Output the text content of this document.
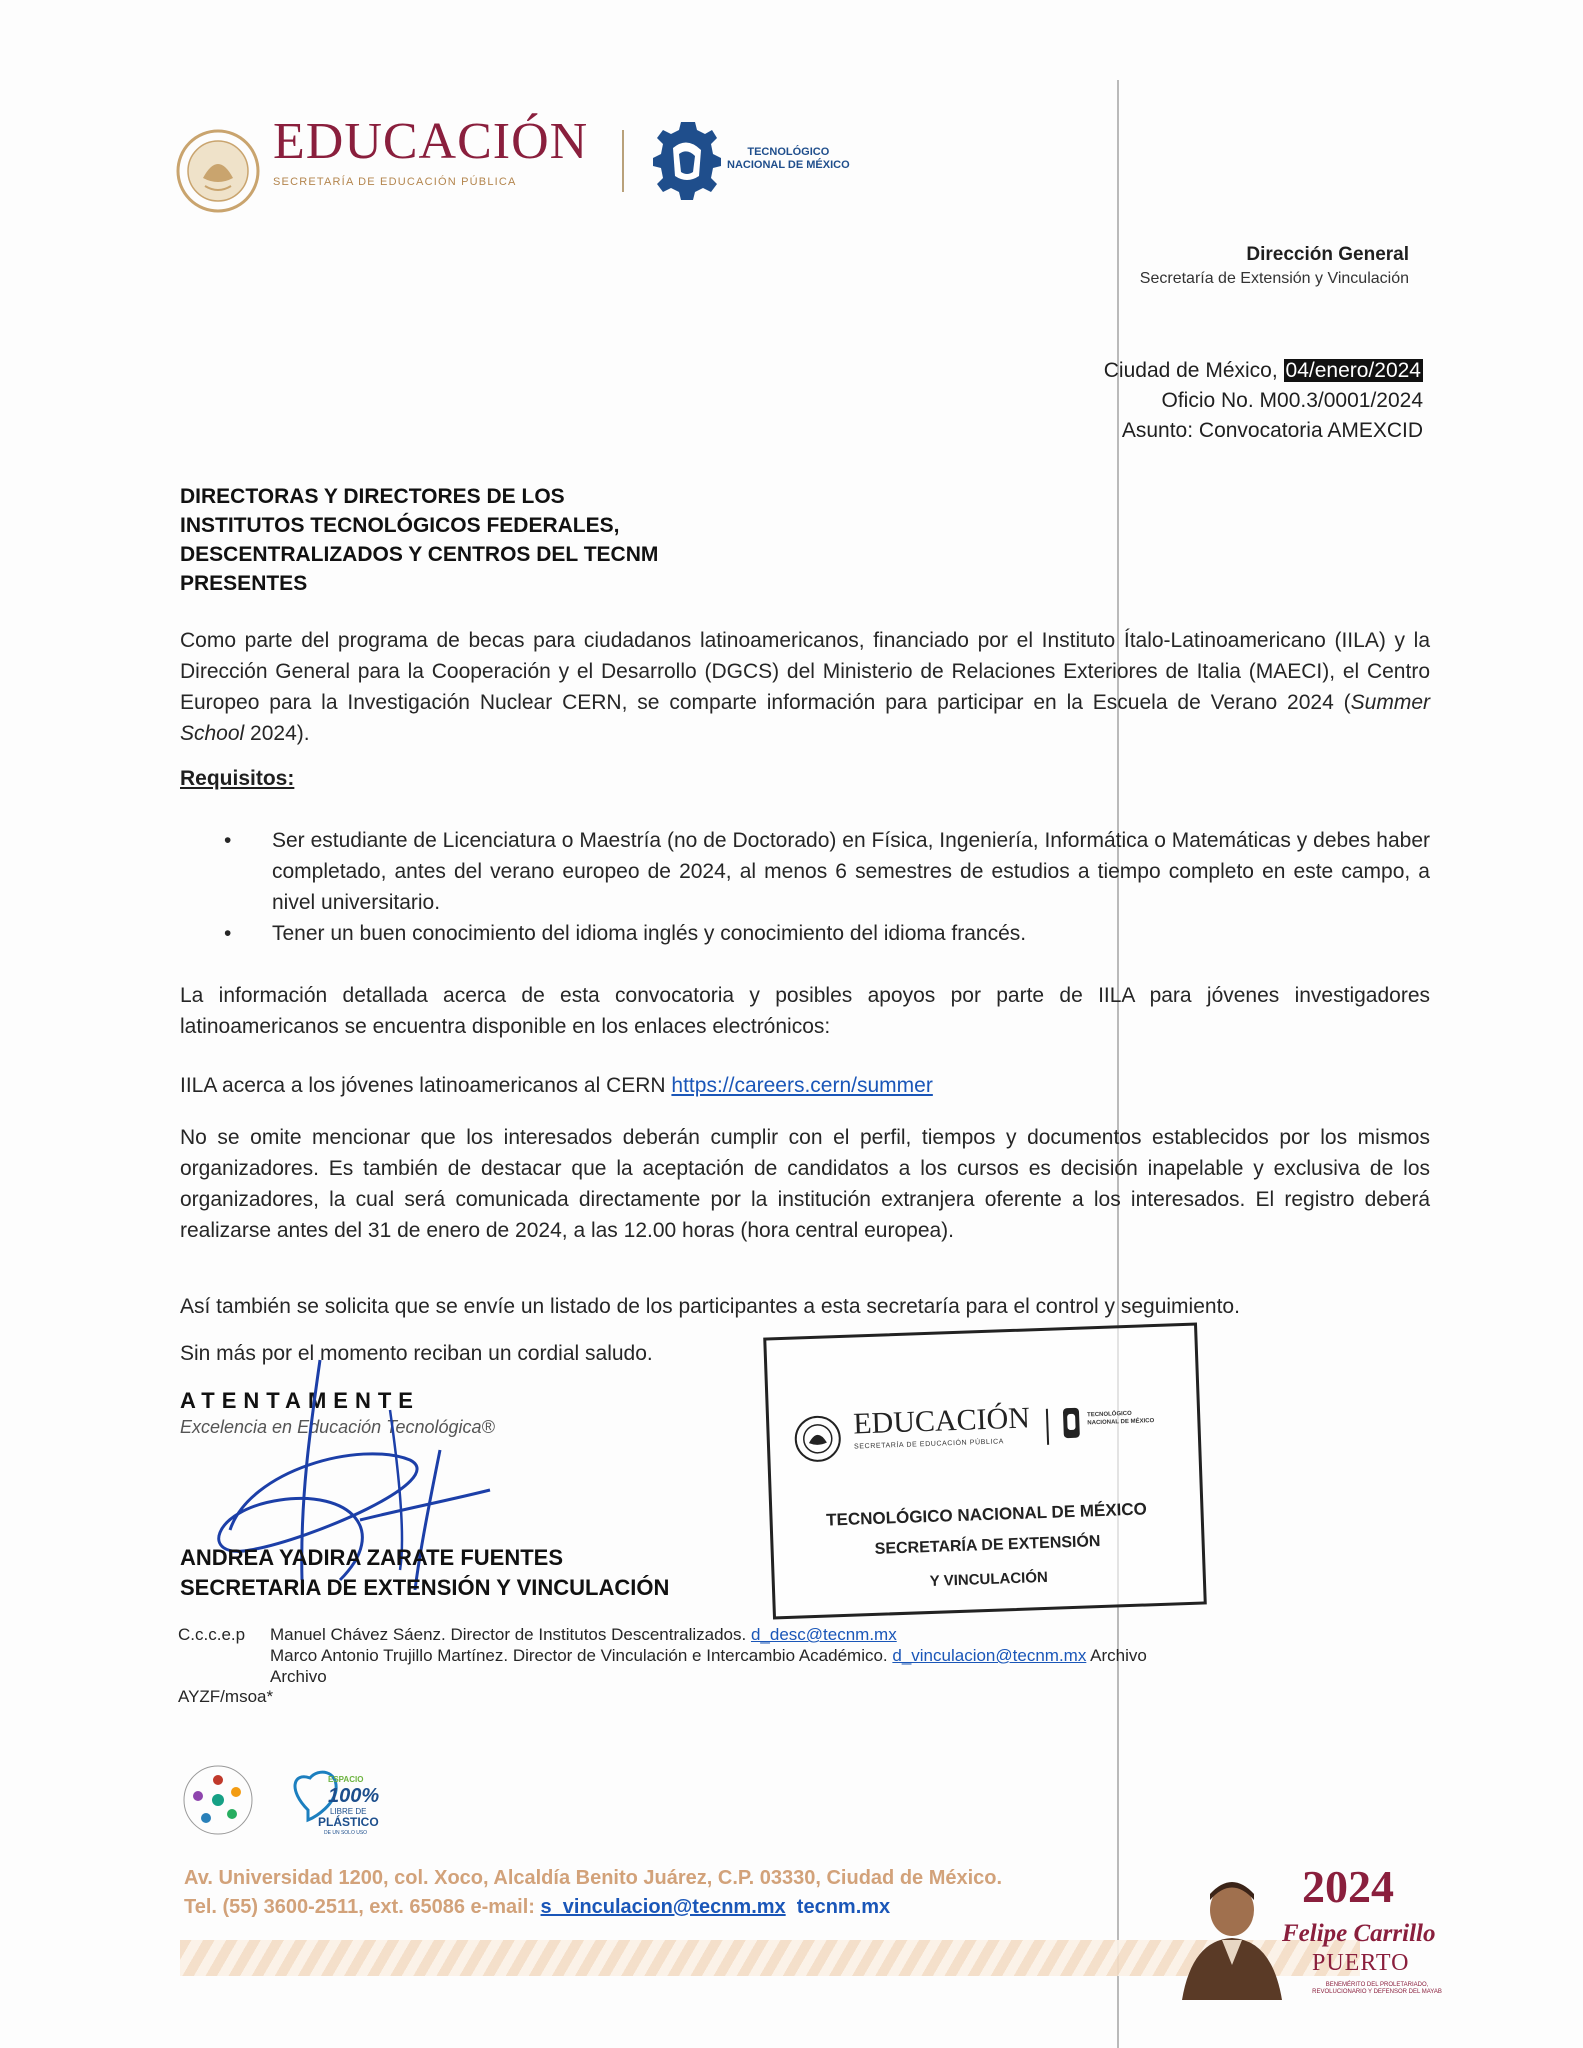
EDUCACIÓN
SECRETARÍA DE EDUCACIÓN PÚBLICA
TECNOLÓGICO
NACIONAL DE MÉXICO
Dirección General
Secretaría de Extensión y Vinculación
Ciudad de México, 04/enero/2024
Oficio No. M00.3/0001/2024
Asunto: Convocatoria AMEXCID
DIRECTORAS Y DIRECTORES DE LOS
INSTITUTOS TECNOLÓGICOS FEDERALES,
DESCENTRALIZADOS Y CENTROS DEL TECNM
PRESENTES
Como parte del programa de becas para ciudadanos latinoamericanos, financiado por el Instituto Ítalo-Latinoamericano (IILA) y la Dirección General para la Cooperación y el Desarrollo (DGCS) del Ministerio de Relaciones Exteriores de Italia (MAECI), el Centro Europeo para la Investigación Nuclear CERN, se comparte información para participar en la Escuela de Verano 2024 (Summer School 2024).
Requisitos:
• Ser estudiante de Licenciatura o Maestría (no de Doctorado) en Física, Ingeniería, Informática o Matemáticas y debes haber completado, antes del verano europeo de 2024, al menos 6 semestres de estudios a tiempo completo en este campo, a nivel universitario.
• Tener un buen conocimiento del idioma inglés y conocimiento del idioma francés.
La información detallada acerca de esta convocatoria y posibles apoyos por parte de IILA para jóvenes investigadores latinoamericanos se encuentra disponible en los enlaces electrónicos:
IILA acerca a los jóvenes latinoamericanos al CERN https://careers.cern/summer
No se omite mencionar que los interesados deberán cumplir con el perfil, tiempos y documentos establecidos por los mismos organizadores. Es también de destacar que la aceptación de candidatos a los cursos es decisión inapelable y exclusiva de los organizadores, la cual será comunicada directamente por la institución extranjera oferente a los interesados. El registro deberá realizarse antes del 31 de enero de 2024, a las 12.00 horas (hora central europea).
Así también se solicita que se envíe un listado de los participantes a esta secretaría para el control y seguimiento.
Sin más por el momento reciban un cordial saludo.
ATENTAMENTE
Excelencia en Educación Tecnológica®
ANDREA YADIRA ZARATE FUENTES
SECRETARIA DE EXTENSIÓN Y VINCULACIÓN
EDUCACIÓN
SECRETARÍA DE EDUCACIÓN PÚBLICA
TECNOLÓGICO
NACIONAL DE MÉXICO
TECNOLÓGICO NACIONAL DE MÉXICO
SECRETARÍA DE EXTENSIÓN
Y VINCULACIÓN
C.c.c.e.p Manuel Chávez Sáenz. Director de Institutos Descentralizados. d_desc@tecnm.mx
Marco Antonio Trujillo Martínez. Director de Vinculación e Intercambio Académico. d_vinculacion@tecnm.mx Archivo
Archivo
AYZF/msoa*
ESPACIO
100%
LIBRE DE
PLÁSTICO
DE UN SOLO USO
Av. Universidad 1200, col. Xoco, Alcaldía Benito Juárez, C.P. 03330, Ciudad de México.
Tel. (55) 3600-2511, ext. 65086 e-mail: s_vinculacion@tecnm.mx tecnm.mx	2024
Felipe Carrillo
PUERTO
BENEMÉRITO DEL PROLETARIADO, REVOLUCIONARIO Y DEFENSOR DEL MAYAB
